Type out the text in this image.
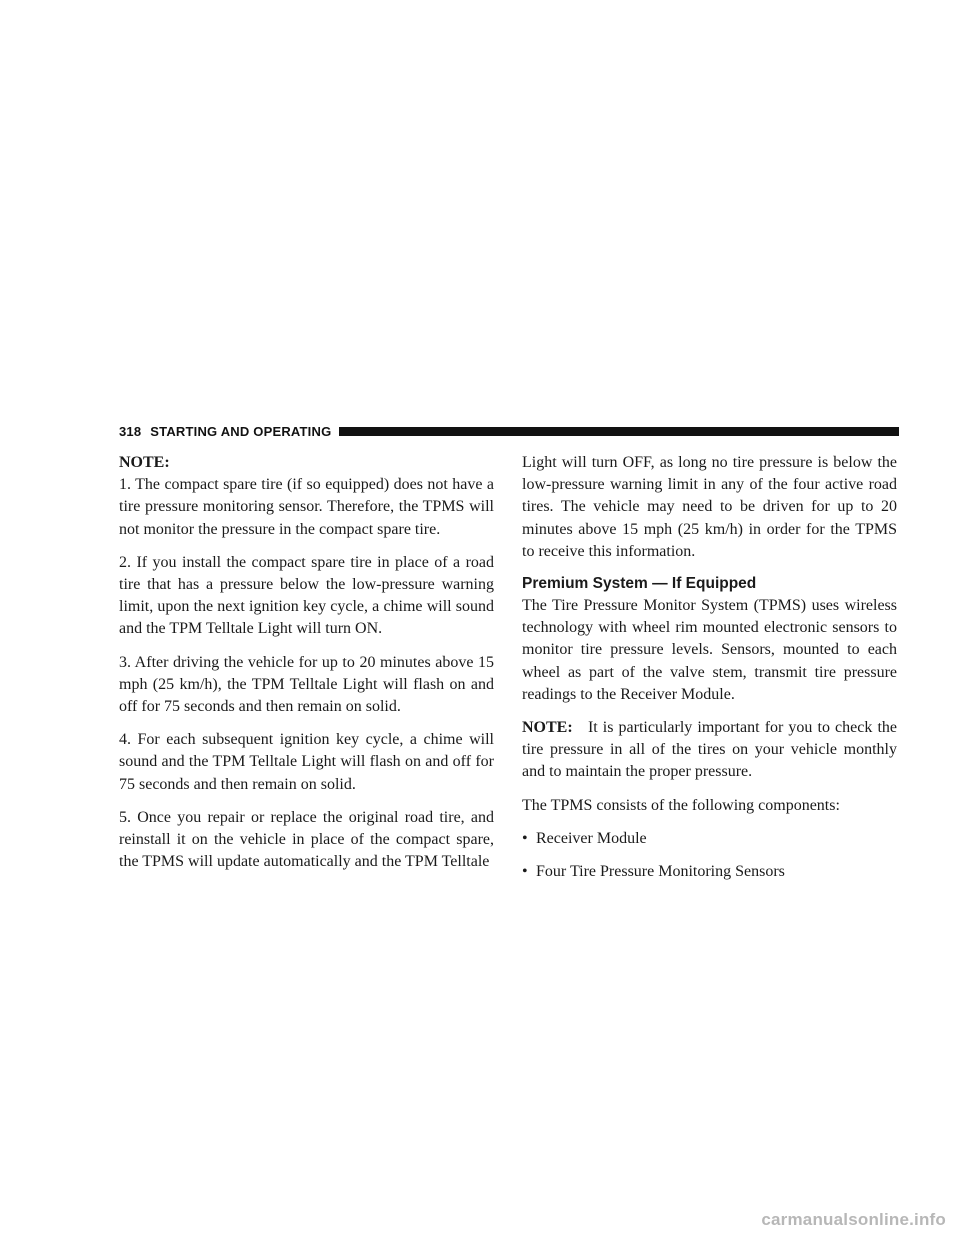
318 STARTING AND OPERATING

NOTE:
1. The compact spare tire (if so equipped) does not have a tire pressure monitoring sensor. Therefore, the TPMS will not monitor the pressure in the compact spare tire.

2. If you install the compact spare tire in place of a road tire that has a pressure below the low-pressure warning limit, upon the next ignition key cycle, a chime will sound and the TPM Telltale Light will turn ON.

3. After driving the vehicle for up to 20 minutes above 15 mph (25 km/h), the TPM Telltale Light will flash on and off for 75 seconds and then remain on solid.

4. For each subsequent ignition key cycle, a chime will sound and the TPM Telltale Light will flash on and off for 75 seconds and then remain on solid.

5. Once you repair or replace the original road tire, and reinstall it on the vehicle in place of the compact spare, the TPMS will update automatically and the TPM Telltale

Light will turn OFF, as long no tire pressure is below the low-pressure warning limit in any of the four active road tires. The vehicle may need to be driven for up to 20 minutes above 15 mph (25 km/h) in order for the TPMS to receive this information.

Premium System — If Equipped

The Tire Pressure Monitor System (TPMS) uses wireless technology with wheel rim mounted electronic sensors to monitor tire pressure levels. Sensors, mounted to each wheel as part of the valve stem, transmit tire pressure readings to the Receiver Module.

NOTE: It is particularly important for you to check the tire pressure in all of the tires on your vehicle monthly and to maintain the proper pressure.

The TPMS consists of the following components:

• Receiver Module
• Four Tire Pressure Monitoring Sensors
carmanualsonline.info
